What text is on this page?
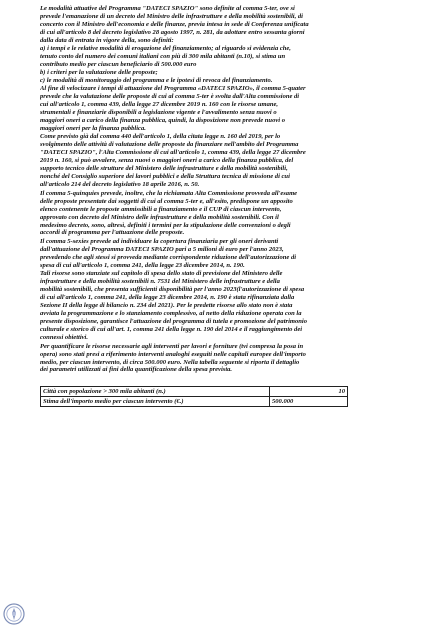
Le modalità attuative del Programma "DATECI SPAZIO" sono definite al comma 5-ter, ove si
prevede l'emanazione di un decreto del Ministro delle infrastrutture e della mobilità sostenibili, di
concerto con il Ministro dell'economia e delle finanze, previa intesa in sede di Conferenza unificata
di cui all'articolo 8 del decreto legislativo 28 agosto 1997, n. 281, da adottare entro sessanta giorni
dalla data di entrata in vigore della, sono definiti:
a) i tempi e le relative modalità di erogazione del finanziamento; al riguardo si evidenzia che,
tenuto conto del numero dei comuni italiani con più di 300 mila abitanti (n.10), si stima un
contributo medio per ciascun beneficiario di 500.000 euro
b) i criteri per la valutazione delle proposte;
c) le modalità di monitoraggio del programma e le ipotesi di revoca del finanziamento.
Al fine di velocizzare i tempi di attuazione del Programma «DATECI SPAZIO», il comma 5-quater
prevede che la valutazione delle proposte di cui al comma 5-ter è svolta dall'Alta commissione di
cui all'articolo 1, comma 439, della legge 27 dicembre 2019 n. 160 con le risorse umane,
strumentali e finanziarie disponibili a legislazione vigente e l'avvalimento senza nuovi o
maggiori oneri a carico della finanza pubblica, quindi, la disposizione non prevede nuovi o
maggiori oneri per la finanza pubblica.
Come previsto già dal comma 440 dell'articolo 1, della citata legge n. 160 del 2019, per lo
svolgimento delle attività di valutazione delle proposte da finanziare nell'ambito del Programma
"DATECI SPAZIO", l'Alta Commissione di cui all'articolo 1, comma 439, della legge 27 dicembre
2019 n. 160, si può avvalere, senza nuovi o maggiori oneri a carico della finanza pubblica, del
supporto tecnico delle strutture del Ministero delle infrastrutture e della mobilità sostenibili,
nonché del Consiglio superiore dei lavori pubblici e della Struttura tecnica di missione di cui
all'articolo 214 del decreto legislativo 18 aprile 2016, n. 50.
Il comma 5-quinquies prevede, inoltre, che la richiamata Alta Commissione provveda all'esame
delle proposte presentate dai soggetti di cui al comma 5-ter e, all'esito, predispone un apposito
elenco contenente le proposte ammissibili a finanziamento e il CUP di ciascun intervento,
approvato con decreto del Ministro delle infrastrutture e della mobilità sostenibili. Con il
medesimo decreto, sono, altresì, definiti i termini per la stipulazione delle convenzioni o degli
accordi di programma per l'attuazione delle proposte.
Il comma 5-sexies prevede ad individuare la copertura finanziaria per gli oneri derivanti
dall'attuazione del Programma DATECI SPAZIO pari a 5 milioni di euro per l'anno 2023,
prevedendo che agli stessi si provveda mediante corrispondente riduzione dell'autorizzazione di
spesa di cui all'articolo 1, comma 241, della legge 23 dicembre 2014, n. 190.
Tali risorse sono stanziate sul capitolo di spesa dello stato di previsione del Ministero delle
infrastrutture e della mobilità sostenibili n. 7531 del Ministero delle infrastrutture e della
mobilità sostenibili, che presenta sufficienti disponibilità per l'anno 2023(l'autorizzazione di spesa
di cui all'articolo 1, comma 241, della legge 23 dicembre 2014, n. 190 è stata rifinanziata dalla
Sezione II della legge di bilancio n. 234 del 2021). Per le predette risorse allo stato non è stata
avviata la programmazione e lo stanziamento complessivo, al netto della riduzione operata con la
presente disposizione, garantisce l'attuazione del programma di tutela e promozione del patrimonio
culturale e storico di cui all'art. 1, comma 241 della legge n. 190 del 2014 e il raggiungimento dei
connessi obiettivi.
Per quantificare le risorse necessarie agli interventi per lavori e forniture (tvi compresa la posa in
opera) sono stati presi a riferimento interventi analoghi eseguiti nelle capitali europee dell'importo
medio, per ciascun intervento, di circa 500.000 euro. Nella tabella seguente si riporta il dettaglio
dei parametri utilizzati ai fini della quantificazione della spesa prevista.
Città con popolazione > 300 mila abitanti (n.)	10
Stima dell'importo medio per ciascun intervento (€.)	500.000
